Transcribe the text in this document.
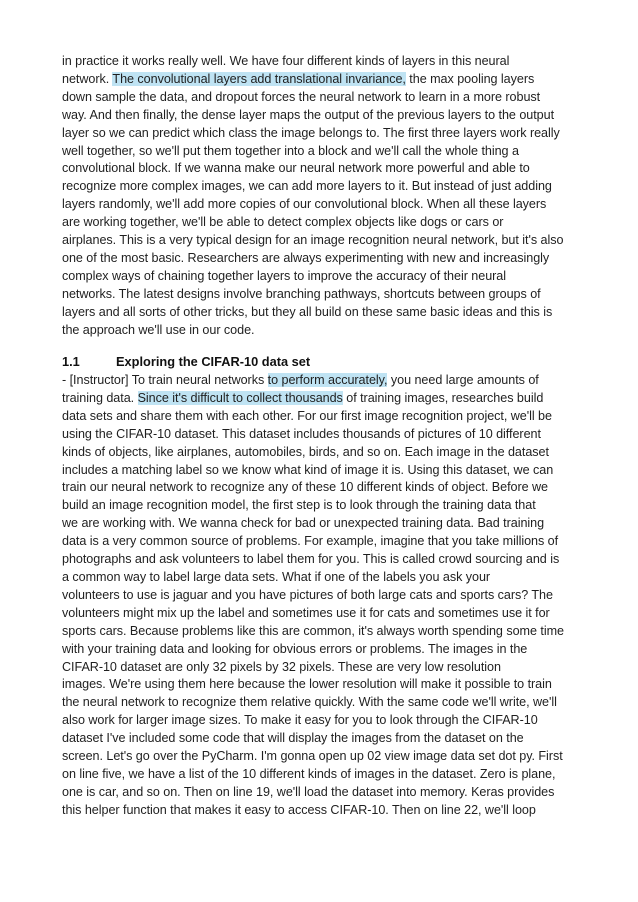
in practice it works really well. We have four different kinds of layers in this neural
network. The convolutional layers add translational invariance, the max pooling layers
down sample the data, and dropout forces the neural network to learn in a more robust
way. And then finally, the dense layer maps the output of the previous layers to the output
layer so we can predict which class the image belongs to. The first three layers work really
well together, so we'll put them together into a block and we'll call the whole thing a
convolutional block. If we wanna make our neural network more powerful and able to
recognize more complex images, we can add more layers to it. But instead of just adding
layers randomly, we'll add more copies of our convolutional block. When all these layers
are working together, we'll be able to detect complex objects like dogs or cars or
airplanes. This is a very typical design for an image recognition neural network, but it's also
one of the most basic. Researchers are always experimenting with new and increasingly
complex ways of chaining together layers to improve the accuracy of their neural
networks. The latest designs involve branching pathways, shortcuts between groups of
layers and all sorts of other tricks, but they all build on these same basic ideas and this is
the approach we'll use in our code.
1.1	Exploring the CIFAR-10 data set
- [Instructor] To train neural networks to perform accurately, you need large amounts of
training data. Since it's difficult to collect thousands of training images, researches build
data sets and share them with each other. For our first image recognition project, we'll be
using the CIFAR-10 dataset. This dataset includes thousands of pictures of 10 different
kinds of objects, like airplanes, automobiles, birds, and so on. Each image in the dataset
includes a matching label so we know what kind of image it is. Using this dataset, we can
train our neural network to recognize any of these 10 different kinds of object. Before we
build an image recognition model, the first step is to look through the training data that
we are working with. We wanna check for bad or unexpected training data. Bad training
data is a very common source of problems. For example, imagine that you take millions of
photographs and ask volunteers to label them for you. This is called crowd sourcing and is
a common way to label large data sets. What if one of the labels you ask your
volunteers to use is jaguar and you have pictures of both large cats and sports cars? The
volunteers might mix up the label and sometimes use it for cats and sometimes use it for
sports cars. Because problems like this are common, it's always worth spending some time
with your training data and looking for obvious errors or problems. The images in the
CIFAR-10 dataset are only 32 pixels by 32 pixels. These are very low resolution
images. We're using them here because the lower resolution will make it possible to train
the neural network to recognize them relative quickly. With the same code we'll write, we'll
also work for larger image sizes. To make it easy for you to look through the CIFAR-10
dataset I've included some code that will display the images from the dataset on the
screen. Let's go over the PyCharm. I'm gonna open up 02 view image data set dot py. First
on line five, we have a list of the 10 different kinds of images in the dataset. Zero is plane,
one is car, and so on. Then on line 19, we'll load the dataset into memory. Keras provides
this helper function that makes it easy to access CIFAR-10. Then on line 22, we'll loop
